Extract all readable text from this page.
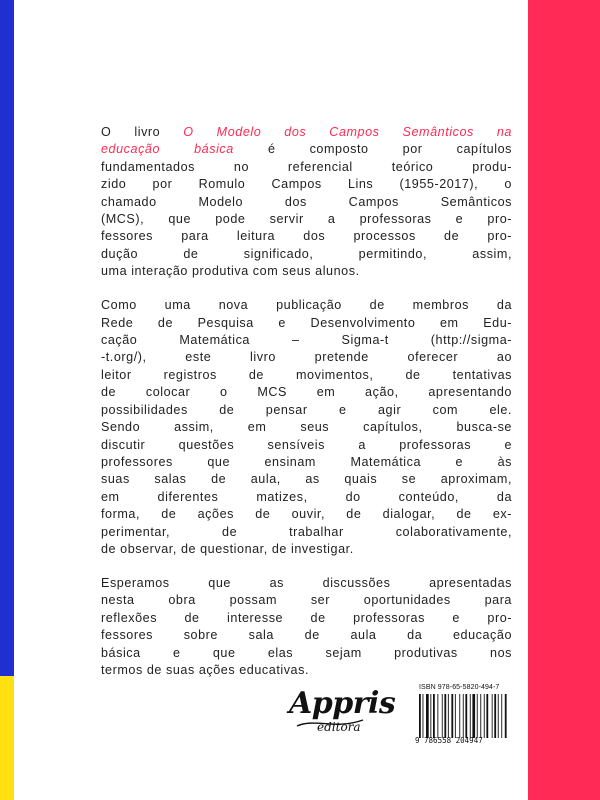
O livro O Modelo dos Campos Semânticos na
educação básica	é composto por capítulos
fundamentados no referencial teórico produ-
zido por Romulo Campos Lins (1955-2017), o
chamado Modelo dos Campos Semânticos
(MCS), que pode servir a professoras e pro-
fessores para leitura dos processos de pro-
dução de significado, permitindo, assim,
uma interação produtiva com seus alunos.

Como uma nova publicação de membros da
Rede de Pesquisa e Desenvolvimento em Edu-
cação Matemática – Sigma-t (http://sigma-
-t.org/), este livro pretende oferecer ao
leitor registros de movimentos, de tentativas
de colocar o MCS em ação, apresentando
possibilidades de pensar e agir com ele.
Sendo assim, em seus capítulos, busca-se
discutir questões sensíveis a professoras e
professores que ensinam Matemática e às
suas salas de aula, as quais se aproximam,
em diferentes matizes, do conteúdo, da
forma, de ações de ouvir, de dialogar, de ex-
perimentar, de trabalhar colaborativamente,
de observar, de questionar, de investigar.

Esperamos que as discussões apresentadas
nesta obra possam ser oportunidades para
reflexões de interesse de professoras e pro-
fessores sobre sala de aula da educação
básica e que elas sejam produtivas nos
termos de suas ações educativas.

Appris
editora
ISBN 978-65-5820-494-7
9 786558 204947
